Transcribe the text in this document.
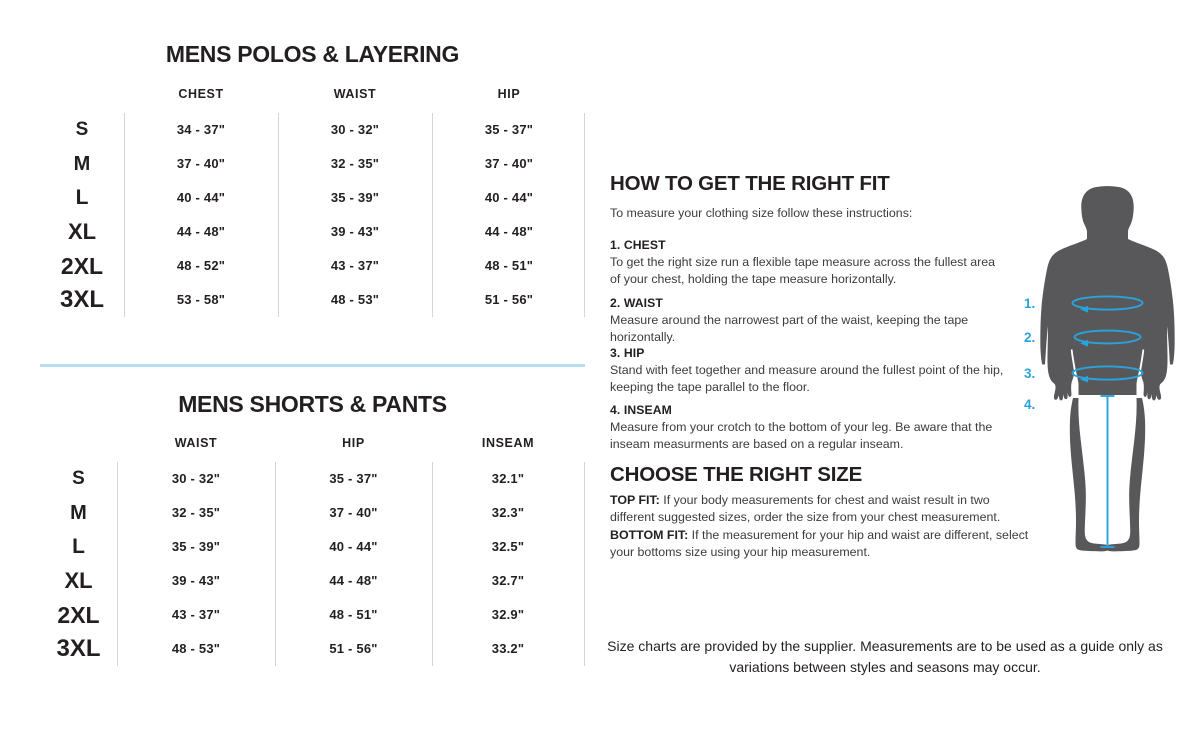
MENS POLOS & LAYERING
CHEST	WAIST	HIP
S	34 - 37"	30 - 32"	35 - 37"
M	37 - 40"	32 - 35"	37 - 40"
L	40 - 44"	35 - 39"	40 - 44"
XL	44 - 48"	39 - 43"	44 - 48"
2XL	48 - 52"	43 - 37"	48 - 51"
3XL	53 - 58"	48 - 53"	51 - 56"
MENS SHORTS & PANTS
WAIST	HIP	INSEAM
S	30 - 32"	35 - 37"	32.1"
M	32 - 35"	37 - 40"	32.3"
L	35 - 39"	40 - 44"	32.5"
XL	39 - 43"	44 - 48"	32.7"
2XL	43 - 37"	48 - 51"	32.9"
3XL	48 - 53"	51 - 56"	33.2"
HOW TO GET THE RIGHT FIT
To measure your clothing size follow these instructions:
1. CHEST
To get the right size run a flexible tape measure across the fullest area of your chest, holding the tape measure horizontally.
2. WAIST
Measure around the narrowest part of the waist, keeping the tape horizontally.
3. HIP
Stand with feet together and measure around the fullest point of the hip, keeping the tape parallel to the floor.
4. INSEAM
Measure from your crotch to the bottom of your leg. Be aware that the inseam measurments are based on a regular inseam.
CHOOSE THE RIGHT SIZE
TOP FIT: If your body measurements for chest and waist result in two different suggested sizes, order the size from your chest measurement.
BOTTOM FIT: If the measurement for your hip and waist are different, select your bottoms size using your hip measurement.
Size charts are provided by the supplier. Measurements are to be used as a guide only as variations between styles and seasons may occur.
1.
2.
3.
4.
